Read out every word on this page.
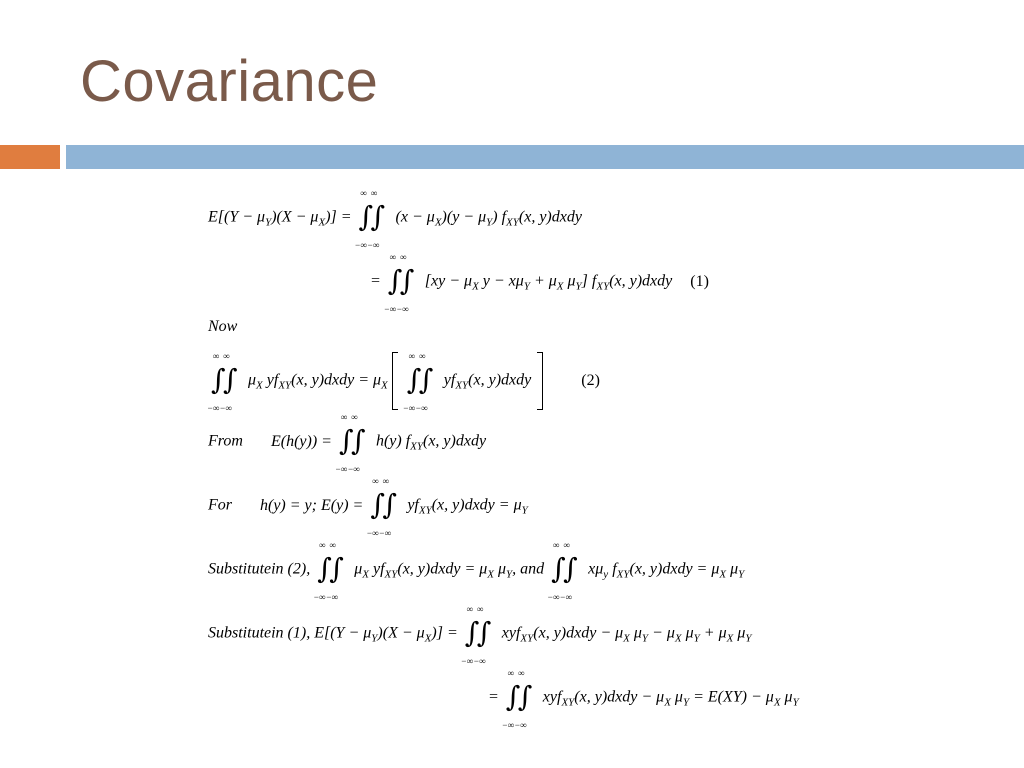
Covariance
$E[(Y - \mu_Y)(X - \mu_X)]$ =
∞∞
∫
∫
−∞−∞
$(x - \mu_X)(y - \mu_Y)$ $f_{XY}(x$, y)dxdy
=
∞∞
∫
∫
−∞−∞
[$xy - \mu_X$ $y - x\mu_Y + \mu_X$ $\mu_Y$] $f_{XY}(x$, y)dxdy (1)
Now
∞∞
∫
∫
−∞−∞
$\mu_X$ $yf_{XY}(x$, y)dxdy = $\mu_X$
∞∞
∫
∫
−∞−∞
$yf_{XY}(x$, y)dxdy	(2)
From E(h(y)) =
∞∞
∫
∫
−∞−∞
h(y) $f_{XY}(x$, y)dxdy
For h(y) = y; E(y) =
∞∞
∫
∫
−∞−∞
$yf_{XY}(x$, y)dxdy = $\mu_Y$
Substitutein (2),
∞∞
∫
∫
−∞−∞
$\mu_X$ $yf_{XY}(x$, y)dxdy = $\mu_X$ $\mu_Y$, and
∞∞
∫
∫
−∞−∞
$x\mu_y$ $f_{XY}(x$, y)dxdy = $\mu_X$ $\mu_Y$
Substitutein (1), $E[(Y - \mu_Y)(X - \mu_X)]$ =
∞∞
∫
∫
−∞−∞
xyf$_{XY}$(x, y)dxdy − $\mu_X$ $\mu_Y - \mu_X$ $\mu_Y + \mu_X$ $\mu_Y$
=
∞∞
∫
∫
−∞−∞
xyf$_{XY}$(x, y)dxdy − $\mu_X$ $\mu_Y = E(XY) - \mu_X$ $\mu_Y$
